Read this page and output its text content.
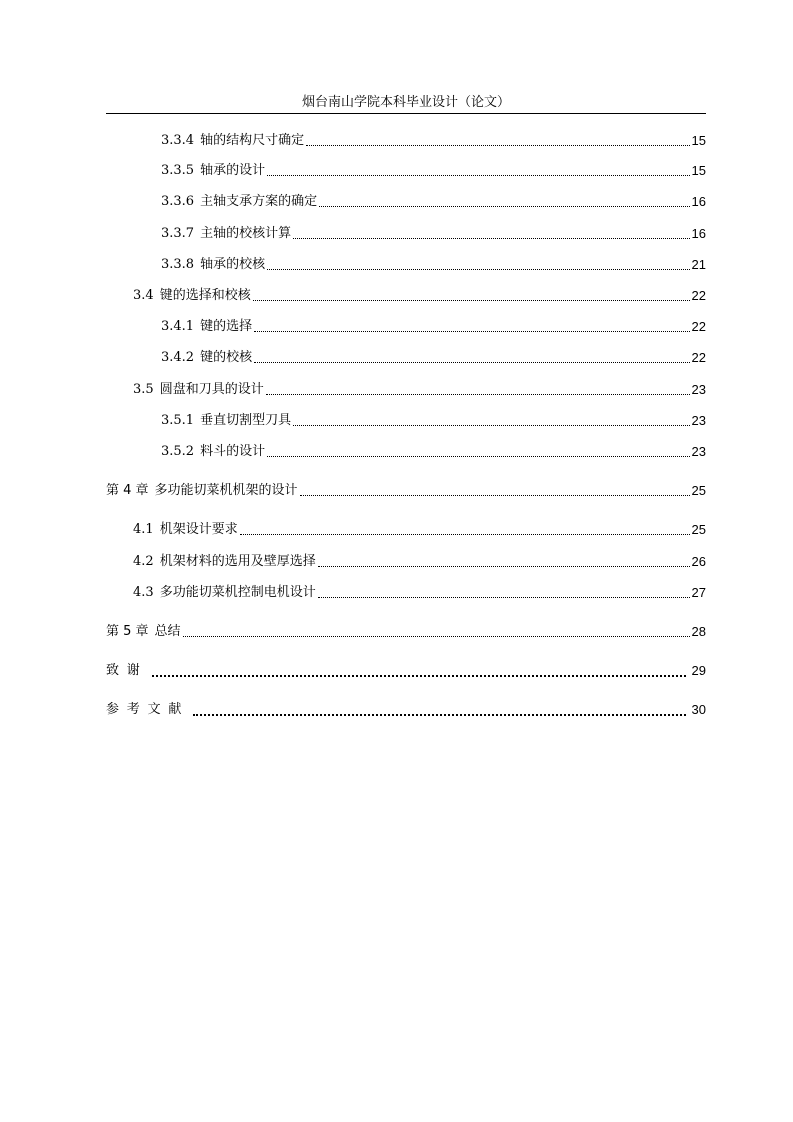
烟台南山学院本科毕业设计（论文）
3.3.4 轴的结构尺寸确定	15
3.3.5 轴承的设计	15
3.3.6 主轴支承方案的确定	16
3.3.7 主轴的校核计算	16
3.3.8 轴承的校核	21
3.4 键的选择和校核	22
3.4.1 键的选择	22
3.4.2 键的校核	22
3.5 圆盘和刀具的设计	23
3.5.1 垂直切割型刀具	23
3.5.2 料斗的设计	23
第 4 章 多功能切菜机机架的设计	25
4.1 机架设计要求	25
4.2 机架材料的选用及壁厚选择	26
4.3 多功能切菜机控制电机设计	27
第 5 章 总结	28
致谢	29
参考文献	30
